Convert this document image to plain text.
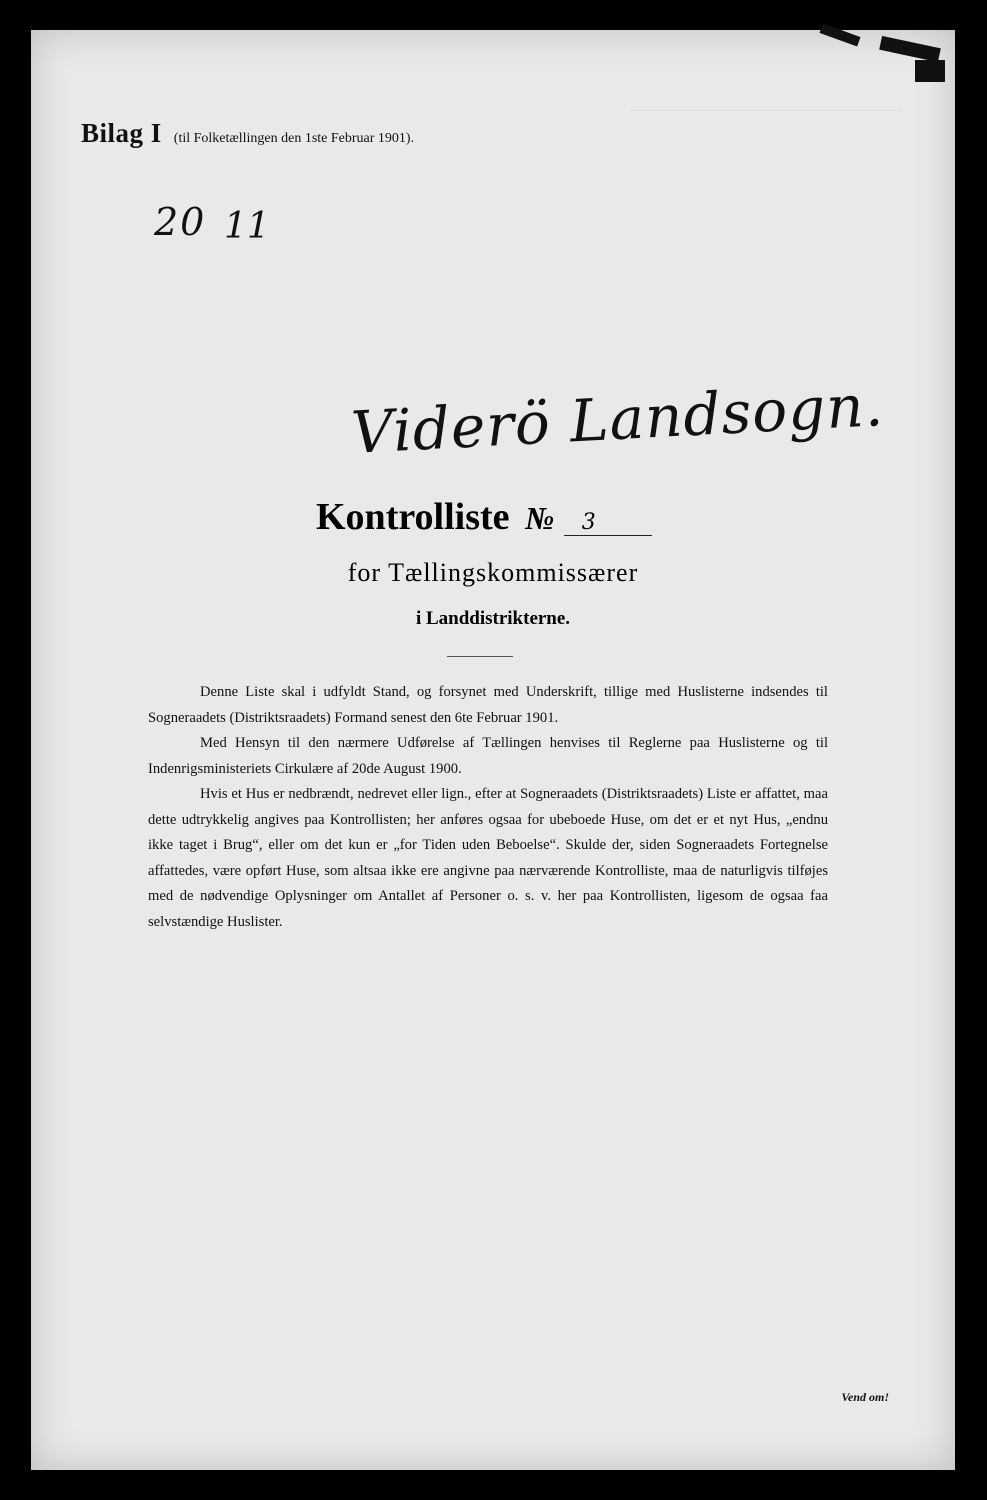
Bilag I (til Folketællingen den 1ste Februar 1901).
20 11
Viderö Landsogn.
Kontrolliste № 3
for Tællingskommissærer
i Landdistrikterne.

Denne Liste skal i udfyldt Stand, og forsynet med Underskrift, tillige med Huslisterne indsendes til Sogneraadets (Distriktsraadets) Formand senest den 6te Februar 1901.

Med Hensyn til den nærmere Udførelse af Tællingen henvises til Reglerne paa Huslisterne og til Indenrigsministeriets Cirkulære af 20de August 1900.

Hvis et Hus er nedbrændt, nedrevet eller lign., efter at Sogneraadets (Distriktsraadets) Liste er affattet, maa dette udtrykkelig angives paa Kontrollisten; her anføres ogsaa for ubeboede Huse, om det er et nyt Hus, „endnu ikke taget i Brug“, eller om det kun er „for Tiden uden Beboelse“. Skulde der, siden Sogneraadets Fortegnelse affattedes, være opført Huse, som altsaa ikke ere angivne paa nærværende Kontrolliste, maa de naturligvis tilføjes med de nødvendige Oplysninger om Antallet af Personer o. s. v. her paa Kontrollisten, ligesom de ogsaa faa selvstændige Huslister.

Vend om!
